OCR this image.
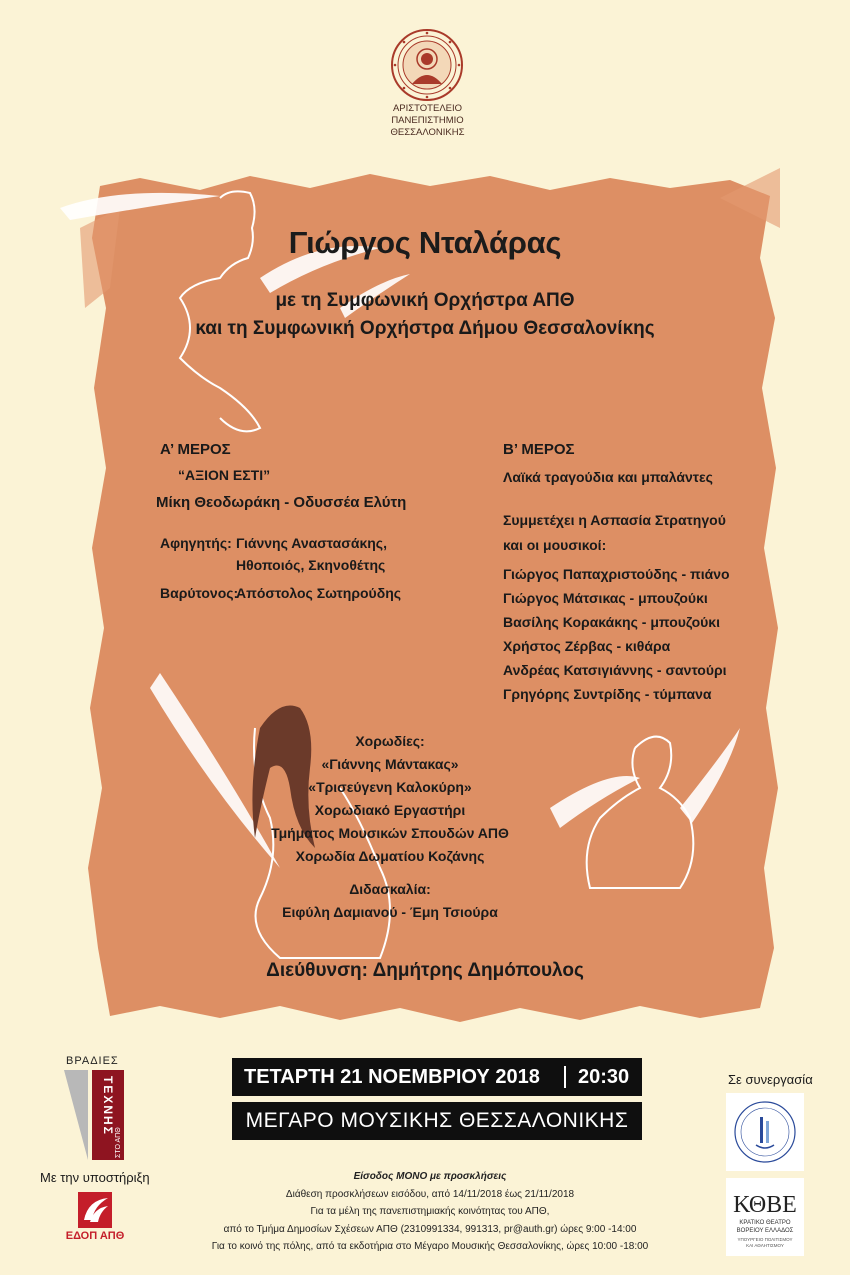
ΑΡΙΣΤΟΤΕΛΕΙΟ
ΠΑΝΕΠΙΣΤΗΜΙΟ
ΘΕΣΣΑΛΟΝΙΚΗΣ
Γιώργος Νταλάρας
με τη Συμφωνική Ορχήστρα ΑΠΘ
και τη Συμφωνική Ορχήστρα Δήμου Θεσσαλονίκης
Α’ ΜΕΡΟΣ
“ΑΞΙΟΝ ΕΣΤΙ”
Μίκη Θεοδωράκη - Οδυσσέα Ελύτη
Αφηγητής: Γιάννης Αναστασάκης,
Ηθοποιός, Σκηνοθέτης
Βαρύτονος:
Απόστολος Σωτηρούδης
Β’ ΜΕΡΟΣ
Λαϊκά τραγούδια και μπαλάντες
Συμμετέχει η Ασπασία Στρατηγού
και οι μουσικοί:
Γιώργος Παπαχριστούδης - πιάνο
Γιώργος Μάτσικας - μπουζούκι
Βασίλης Κορακάκης - μπουζούκι
Χρήστος Ζέρβας - κιθάρα
Ανδρέας Κατσιγιάννης - σαντούρι
Γρηγόρης Συντρίδης - τύμπανα
Χορωδίες:
«Γιάννης Μάντακας»
«Τρισεύγενη Καλοκύρη»
Χορωδιακό Εργαστήρι
Τμήματος Μουσικών Σπουδών ΑΠΘ
Χορωδία Δωματίου Κοζάνης
Διδασκαλία:
Ειφύλη Δαμιανού - Έμη Τσιούρα
Διεύθυνση: Δημήτρης Δημόπουλος
ΒΡΑΔΙΕΣ
ΤΕΧΝΗΣ
ΣΤΟ ΑΠΘ
Με την υποστήριξη
ΕΔΟΠ ΑΠΘ
ΤΕΤΑΡΤΗ 21 ΝΟΕΜΒΡΙΟΥ 2018 20:30
ΜΕΓΑΡΟ ΜΟΥΣΙΚΗΣ ΘΕΣΣΑΛΟΝΙΚΗΣ
Είσοδος ΜΟΝΟ με προσκλήσεις
Διάθεση προσκλήσεων εισόδου, από 14/11/2018 έως 21/11/2018
Για τα μέλη της πανεπιστημιακής κοινότητας του ΑΠΘ,
από το Τμήμα Δημοσίων Σχέσεων ΑΠΘ (2310991334, 991313, pr@auth.gr) ώρες 9:00 -14:00
Για το κοινό της πόλης, από τα εκδοτήρια στο Μέγαρο Μουσικής Θεσσαλονίκης, ώρες 10:00 -18:00
Σε συνεργασία
ΚΘΒΕ
ΚΡΑΤΙΚΟ ΘΕΑΤΡΟ
ΒΟΡΕΙΟΥ ΕΛΛΑΔΟΣ
ΥΠΟΥΡΓΕΙΟ ΠΟΛΙΤΙΣΜΟΥ
ΚΑΙ ΑΘΛΗΤΙΣΜΟΥ
